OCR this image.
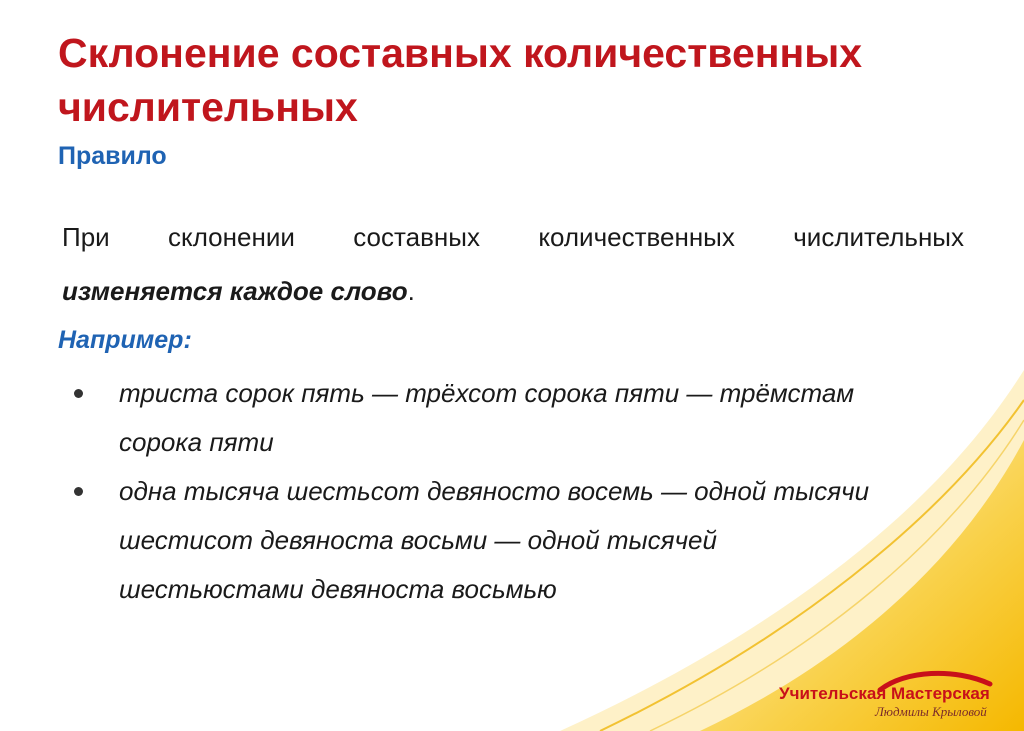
Склонение составных количественных числительных
Правило

При склонении составных количественных числительных
изменяется каждое слово.

Например:
триста сорок пять — трёхсот сорока пяти — трёмстам сорока пяти
одна тысяча шестьсот девяносто восемь — одной тысячи шестисот девяноста восьми — одной тысячей шестьюстами девяноста восьмью
Учительская Мастерская
Людмилы Крыловой
